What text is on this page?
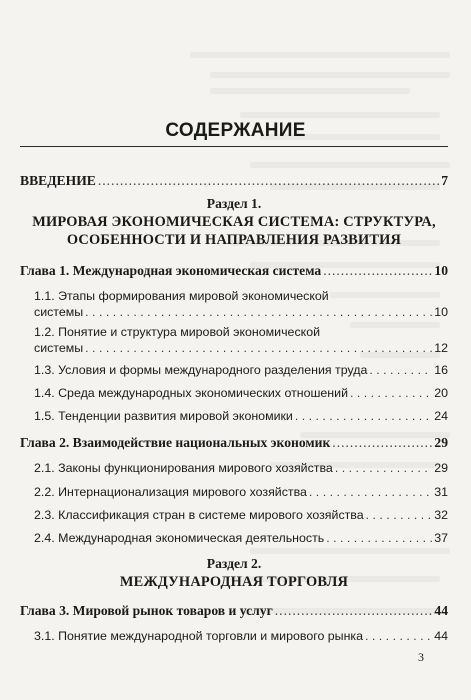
СОДЕРЖАНИЕ
ВВЕДЕНИЕ .....	7
Раздел 1.
МИРОВАЯ ЭКОНОМИЧЕСКАЯ СИСТЕМА: СТРУКТУРА,
ОСОБЕННОСТИ И НАПРАВЛЕНИЯ РАЗВИТИЯ
Глава 1. Международная экономическая система .....	10
1.1. Этапы формирования мировой экономической
системы . . .	10
1.2. Понятие и структура мировой экономической
системы . . .	12
1.3. Условия и формы международного разделения труда . . .	16
1.4. Среда международных экономических отношений . . .	20
1.5. Тенденции развития мировой экономики . . .	24
Глава 2. Взаимодействие национальных экономик .....	29
2.1. Законы функционирования мирового хозяйства . . .	29
2.2. Интернационализация мирового хозяйства . . .	31
2.3. Классификация стран в системе мирового хозяйства . . .	32
2.4. Международная экономическая деятельность . . .	37
Раздел 2.
МЕЖДУНАРОДНАЯ ТОРГОВЛЯ
Глава 3. Мировой рынок товаров и услуг .....	44
3.1. Понятие международной торговли и мирового рынка . . .	44
3
